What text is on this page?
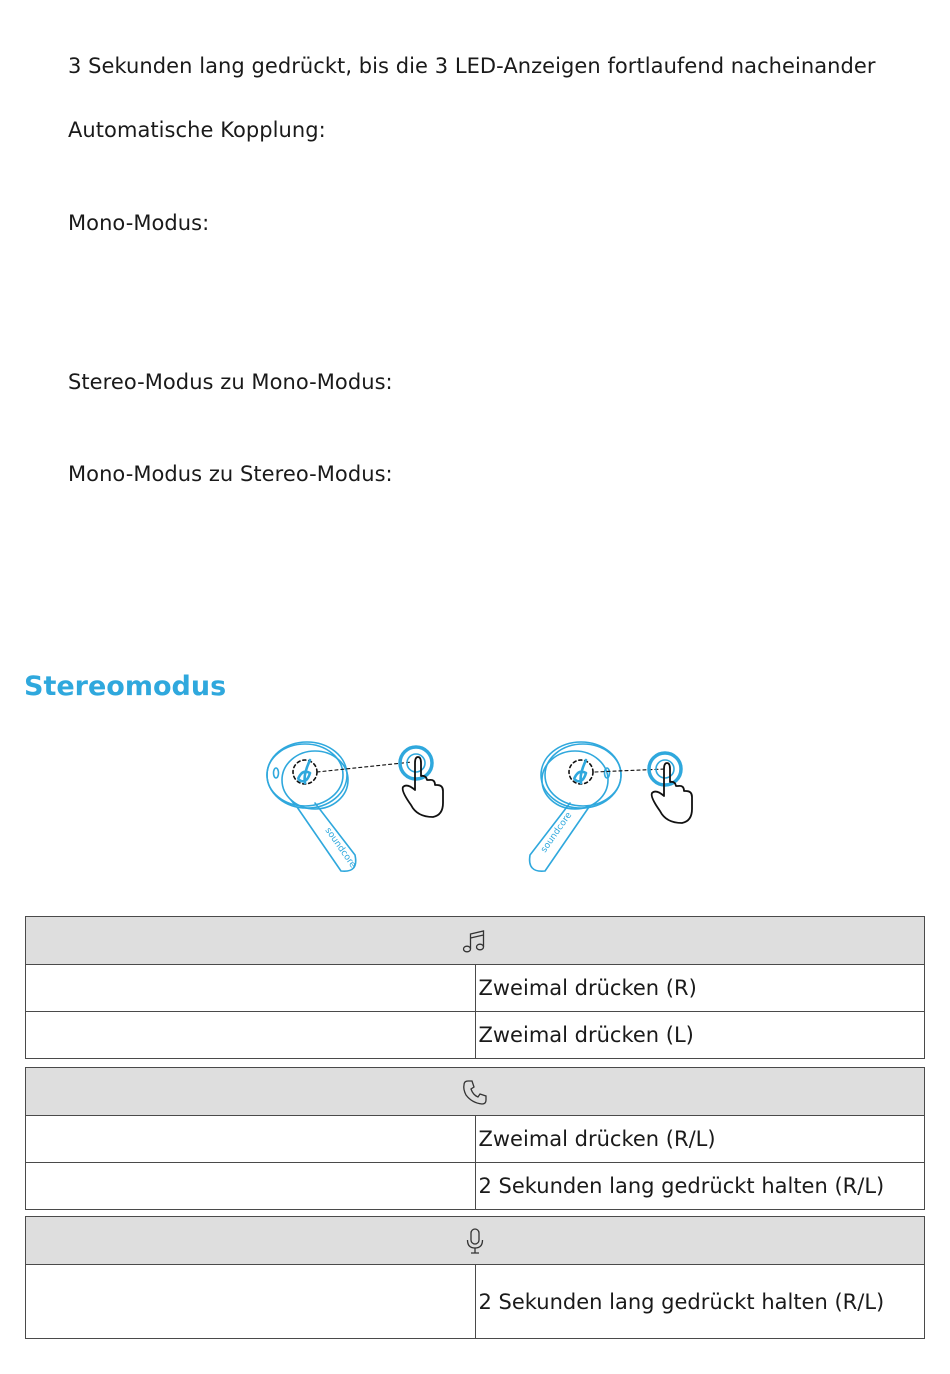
3 Sekunden lang gedrückt, bis die 3 LED-Anzeigen fortlaufend nacheinander
Automatische Kopplung:
Mono-Modus:
Stereo-Modus zu Mono-Modus:
Mono-Modus zu Stereo-Modus:
Stereomodus
soundcore	soundcore

	Zweimal drücken (R)
	Zweimal drücken (L)

	Zweimal drücken (R/L)
	2 Sekunden lang gedrückt halten (R/L)

	2 Sekunden lang gedrückt halten (R/L)
